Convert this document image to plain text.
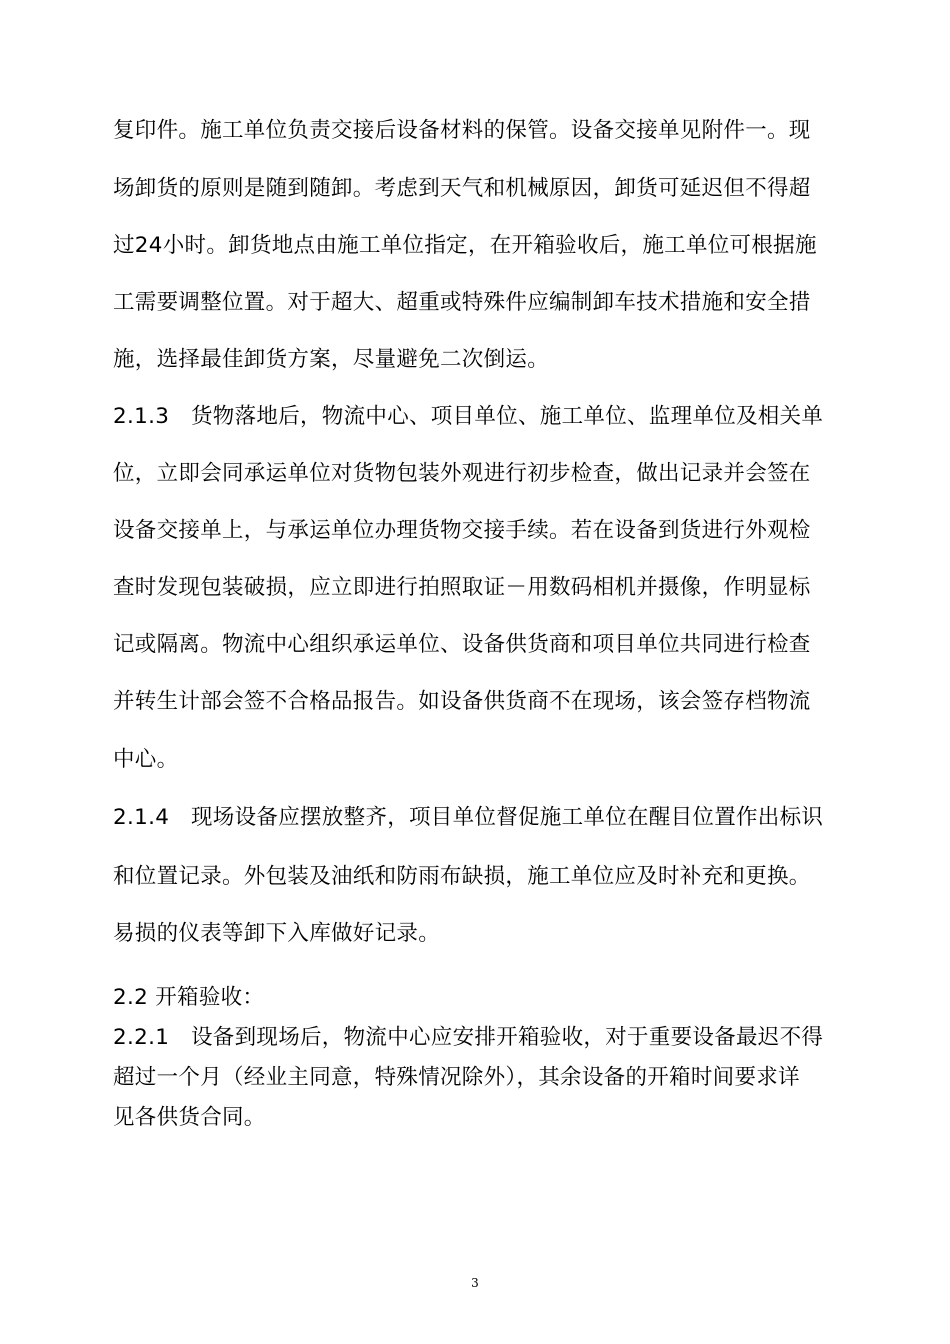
复印件。施工单位负责交接后设备材料的保管。设备交接单见附件一。现
场卸货的原则是随到随卸。考虑到天气和机械原因，卸货可延迟但不得超
过24小时。卸货地点由施工单位指定，在开箱验收后，施工单位可根据施
工需要调整位置。对于超大、超重或特殊件应编制卸车技术措施和安全措
施，选择最佳卸货方案，尽量避免二次倒运。
2.1.3　货物落地后，物流中心、项目单位、施工单位、监理单位及相关单
位，立即会同承运单位对货物包装外观进行初步检查，做出记录并会签在
设备交接单上，与承运单位办理货物交接手续。若在设备到货进行外观检
查时发现包装破损，应立即进行拍照取证－用数码相机并摄像，作明显标
记或隔离。物流中心组织承运单位、设备供货商和项目单位共同进行检查
并转生计部会签不合格品报告。如设备供货商不在现场，该会签存档物流
中心。
2.1.4　现场设备应摆放整齐，项目单位督促施工单位在醒目位置作出标识
和位置记录。外包装及油纸和防雨布缺损，施工单位应及时补充和更换。
易损的仪表等卸下入库做好记录。
2.2 开箱验收：
2.2.1　设备到现场后，物流中心应安排开箱验收，对于重要设备最迟不得
超过一个月（经业主同意，特殊情况除外），其余设备的开箱时间要求详
见各供货合同。
3
